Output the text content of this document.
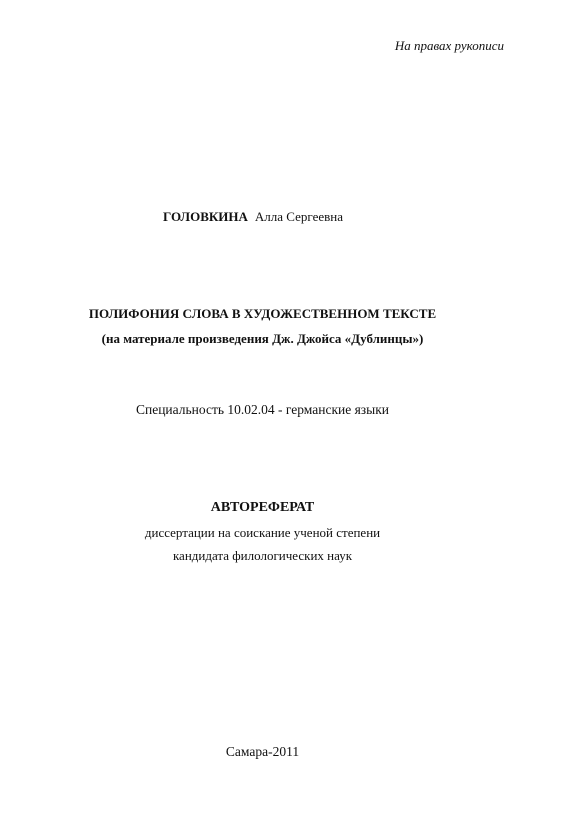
На правах рукописи
ГОЛОВКИНА Алла Сергеевна
ПОЛИФОНИЯ СЛОВА В ХУДОЖЕСТВЕННОМ ТЕКСТЕ
(на материале произведения Дж. Джойса «Дублинцы»)
Специальность 10.02.04 - германские языки
АВТОРЕФЕРАТ
диссертации на соискание ученой степени
кандидата филологических наук
Самара-2011
